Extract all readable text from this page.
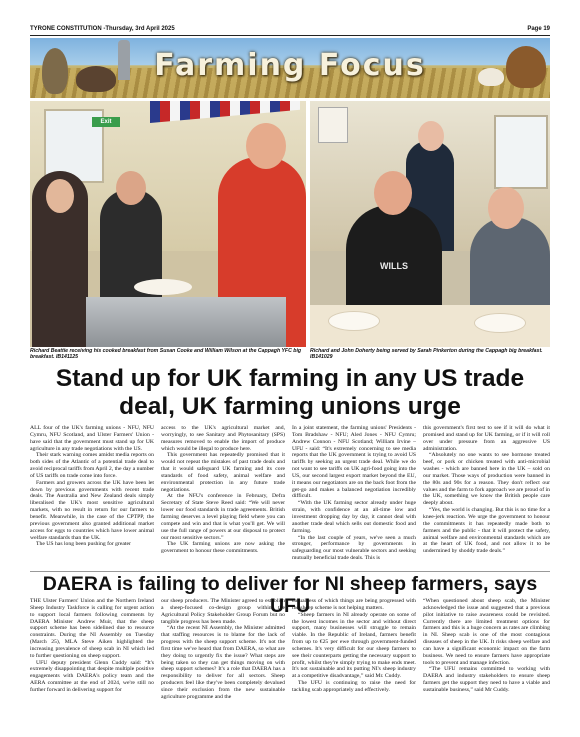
TYRONE CONSTITUTION -Thursday, 3rd April 2025	Page 19
Farming Focus
Exit
Richard Beattie receiving his cooked breakfast from Susan Cooke and William Wilson at the Cappagh YFC big breakfast. IB141125
WILLS
Richard and John Doherty being served by Sarah Pinkerton during the Cappagh big breakfast. IB141029
Stand up for UK farming in any US trade deal, UK farming unions urge

ALL four of the UK's farming unions - NFU, NFU Cymru, NFU Scotland, and Ulster Farmers' Union - have said that the government must stand up for UK agriculture in any trade negotiations with the US.

Their stark warning comes amidst media reports on both sides of the Atlantic of a potential trade deal to avoid reciprocal tariffs from April 2, the day a number of US tariffs on trade come into force.

Farmers and growers across the UK have been let down by previous governments with recent trade deals. The Australia and New Zealand deals simply liberalised the UK's most sensitive agricultural markets, with no result in return for our farmers to benefit. Meanwhile, in the case of the CPTPP, the previous government also granted additional market access for eggs to countries which have lower animal welfare standards than the UK.

The US has long been pushing for greater

access to the UK's agricultural market and, worryingly, to see Sanitary and Phytosanitary (SPS) measures removed to enable the import of produce which would be illegal to produce here.

This government has repeatedly promised that it would not repeat the mistakes of past trade deals and that it would safeguard UK farming and its core standards of food safety, animal welfare and environmental protection in any future trade negotiations.

At the NFU's conference in February, Defra Secretary of State Steve Reed said: “We will never lower our food standards in trade agreements. British farming deserves a level playing field where you can compete and win and that is what you'll get. We will use the full range of powers at our disposal to protect our most sensitive sectors.”

The UK farming unions are now asking the government to honour these commitments.

In a joint statement, the farming unions' Presidents - Tom Bradshaw - NFU; Aled Jones - NFU Cymru; Andrew Connon - NFU Scotland; William Irvine – UFU - said: “It's extremely concerning to see media reports that the UK government is trying to avoid US tariffs by seeking an urgent trade deal. While we do not want to see tariffs on UK agri-food going into the US, our second largest export market beyond the EU, it means our negotiators are on the back foot from the get-go and makes a balanced negotiation incredibly difficult.

“With the UK farming sector already under huge strain, with confidence at an all-time low and investment dropping day by day, it cannot deal with another trade deal which sells out domestic food and farming.

“In the last couple of years, we've seen a much stronger, performance by governments in safeguarding our most vulnerable sectors and seeking mutually beneficial trade deals. This is

this government's first test to see if it will do what it promised and stand up for UK farming, or if it will roll over under pressure from an aggressive US administration.

“Absolutely no one wants to see hormone treated beef, or pork or chicken treated with anti-microbial washes - which are banned here in the UK – sold on our market. Those ways of production were banned in the 80s and 90s for a reason. They don't reflect our values and the farm to fork approach we are proud of in the UK, something we know the British people care deeply about.

“Yes, the world is changing. But this is no time for a knee-jerk reaction. We urge the government to honour the commitments it has repeatedly made both to farmers and the public - that it will protect the safety, animal welfare and environmental standards which are at the heart of UK food, and not allow it to be undermined by shoddy trade deals.”

DAERA is failing to deliver for NI sheep farmers, says UFU

THE Ulster Farmers' Union and the Northern Ireland Sheep Industry Taskforce is calling for urgent action to support local farmers following comments by DAERA Minister Andrew Muir, that the sheep support scheme has been sidelined due to resource constraints. During the NI Assembly on Tuesday (March 25), MLA Steve Aiken highlighted the increasing prevalence of sheep scab in NI which led to further questioning on sheep support.

UFU deputy president Glenn Cuddy said: “It's extremely disappointing that despite multiple positive engagements with DAERA's policy team and the AERA committee at the end of 2024, we're still no further forward in delivering support for

our sheep producers. The Minister agreed to establish a sheep-focused co-design group within the Agricultural Policy Stakeholder Group Forum but no tangible progress has been made.

“At the recent NI Assembly, the Minister admitted that staffing resources is to blame for the lack of progress with the sheep support scheme. It's not the first time we've heard that from DAERA, so what are they doing to urgently fix the issue? What steps are being taken so they can get things moving on with sheep support schemes? It's a role that DAERA has a responsibility to deliver for all sectors. Sheep producers feel like they've been completely devalued since their exclusion from the new sustainable agriculture programme and the

casualness of which things are being progressed with the sheep scheme is not helping matters.

“Sheep farmers in NI already operate on some of the lowest incomes in the sector and without direct support, many businesses will struggle to remain viable. In the Republic of Ireland, farmers benefit from up to €25 per ewe through government-funded schemes. It's very difficult for our sheep farmers to see their counterparts getting the necessary support to profit, whilst they're simply trying to make ends meet. It's not sustainable and its putting NI's sheep industry at a competitive disadvantage,” said Mr. Cuddy.

The UFU is continuing to raise the need for tackling scab appropriately and effectively.

“When questioned about sheep scab, the Minister acknowledged the issue and suggested that a previous pilot initiative to raise awareness could be revisited. Currently there are limited treatment options for farmers and this is a huge concern as rates are climbing in NI. Sheep scab is one of the most contagious diseases of sheep in the UK. It risks sheep welfare and can have a significant economic impact on the farm business. We need to ensure farmers have appropriate tools to prevent and manage infection.

“The UFU remains committed to working with DAERA and industry stakeholders to ensure sheep farmers get the support they need to have a viable and sustainable business,” said Mr Cuddy.
